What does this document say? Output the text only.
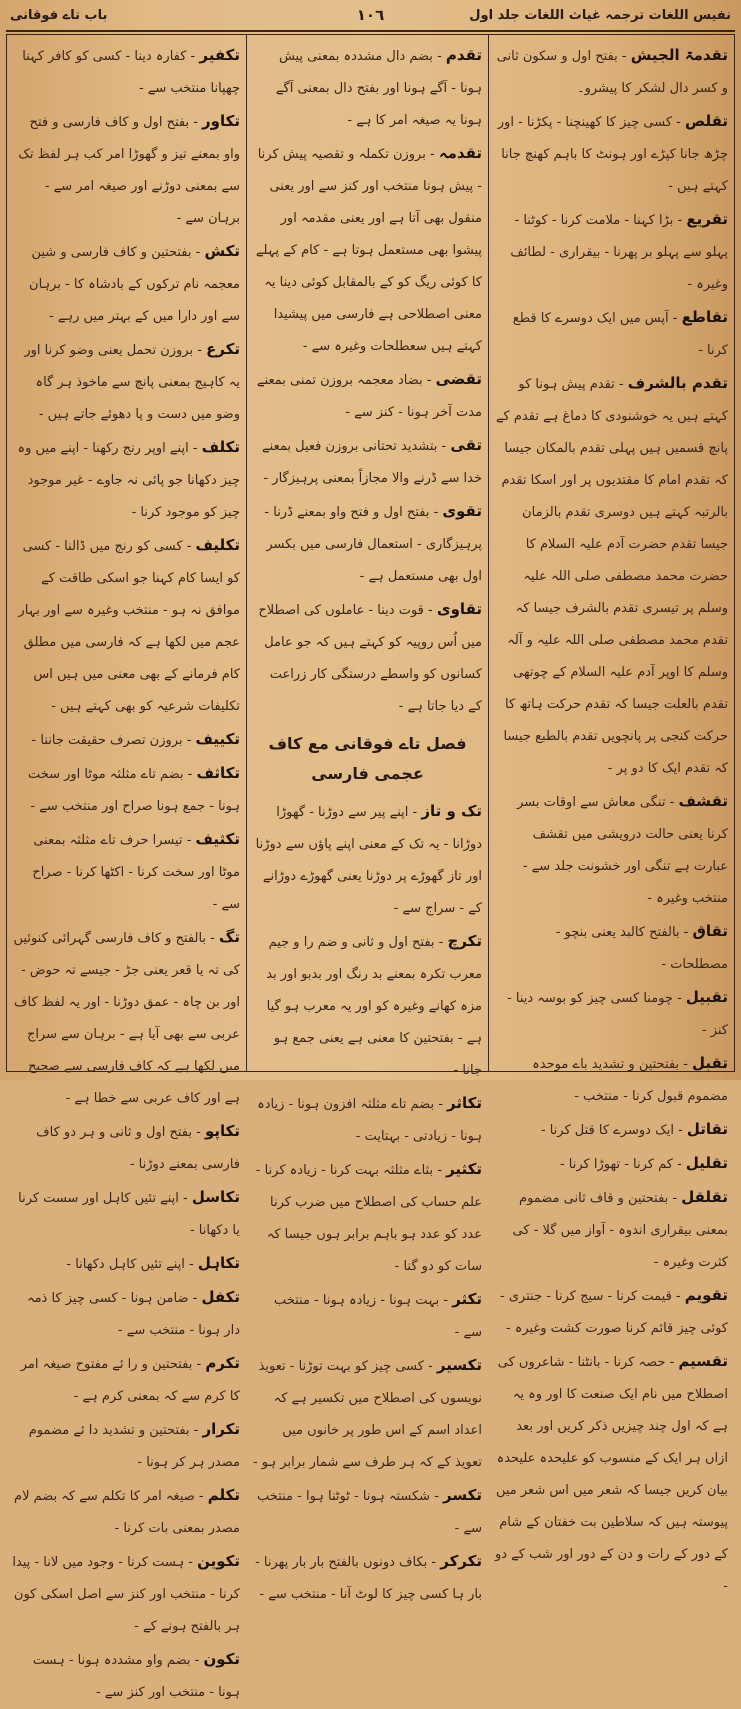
نفیس اللغات ترجمہ غیاث اللغات جلد اول
١٠٦
باب تاے فوقانی

تقدمۃ الجیش - بفتح اول و سکون ثانی و کسر دال لشکر کا پیشرو۔

تقلص - کسی چیز کا کھینچنا - پکڑنا - اور چڑھ جانا کپڑے اور ہونٹ کا باہم کھنچ جانا کہتے ہیں -

تقریع - بڑا کہنا - ملامت کرنا - کوٹنا - پہلو سے پہلو بر پھرنا - بیقراری - لطائف وغیرہ -

تقاطع - آپس میں ایک دوسرے کا قطع کرنا -

تقدم بالشرف - تقدم پیش ہونا کو کہتے ہیں یہ خوشنودی کا دماغ ہے تقدم کے پانچ قسمیں ہیں پہلی تقدم بالمکان جیسا کہ تقدم امام کا مقتدیوں پر اور اسکا تقدم بالرتبہ کہتے ہیں دوسری تقدم بالزمان جیسا تقدم حضرت آدم علیہ السلام کا حضرت محمد مصطفی صلی اللہ علیہ وسلم پر تیسری تقدم بالشرف جیسا کہ تقدم محمد مصطفی صلی اللہ علیہ و آلہ وسلم کا اوپر آدم علیہ السلام کے چوتھی تقدم بالعلت جیسا کہ تقدم حرکت ہاتھ کا حرکت کنجی پر پانچویں تقدم بالطبع جیسا کہ تقدم ایک کا دو پر -

تقشف - تنگی معاش سے اوقات بسر کرنا یعنی حالت درویشی میں تقشف عبارت ہے تنگی اور خشونت جلد سے - منتخب وغیرہ -

تقاق - بالفتح کالبد یعنی بنچو - مصطلحات -

تقبیل - چومنا کسی چیز کو بوسہ دینا - کنز -

تقبل - بفتحتین و تشدید باے موحدہ مضموم قبول کرنا - منتخب -

تقاتل - ایک دوسرے کا قتل کرنا -

تقلیل - کم کرنا - تھوڑا کرنا -

تقلقل - بفتحتین و قاف ثانی مضموم بمعنی بیقراری اندوہ - آواز میں گلا - کی کثرت وغیرہ -

تقویم - قیمت کرنا - سیج کرنا - جنتری - کوئی چیز قائم کرنا صورت کشت وغیرہ -

تقسیم - حصہ کرنا - بانٹنا - شاعروں کی اصطلاح میں نام ایک صنعت کا اور وہ یہ ہے کہ اول چند چیزیں ذکر کریں اور بعد ازاں ہر ایک کے منسوب کو علیحدہ علیحدہ بیان کریں جیسا کہ شعر میں اس شعر میں پیوستہ ہیں کہ سلاطین بت خفتان کے شام کے دور کے رات و دن کے دور اور شب کے دو -

تقدم - بضم دال مشددہ بمعنی پیش ہونا - آگے ہونا اور بفتح دال بمعنی آگے ہونا یہ صیغہ امر کا ہے -

تقدمہ - بروزن تکملہ و تقصیہ پیش کرنا - پیش ہونا منتخب اور کنز سے اور یعنی منقول بھی آتا ہے اور یعنی مقدمہ اور پیشوا بھی مستعمل ہوتا ہے - کام کے پہلے کا کوئی ریگ کو کے بالمقابل کوئی دینا یہ معنی اصطلاحی ہے فارسی میں پیشیدا کہتے ہیں سعطلحات وغیرہ سے -

تقضی - بضاد معجمہ بروزن تمنی بمعنے مدت آخر ہونا - کنز سے -

تقی - بتشدید تحتانی بروزن فعیل بمعنے خدا سے ڈرنے والا مجازاً بمعنی پرہیزگار -

تقوی - بفتح اول و فتح واو بمعنے ڈرنا - پرہیزگاری - استعمال فارسی میں بکسر اول بھی مستعمل ہے -

تقاوی - قوت دینا - عاملوں کی اصطلاح میں اُس روپیہ کو کہتے ہیں کہ جو عامل کسانوں کو واسطے درستگی کار زراعت کے دیا جاتا ہے -

فصل تاے فوقانی مع کاف عجمی فارسی

تک و تاز - اپنے پیر سے دوڑنا - گھوڑا دوڑانا - یہ تک کے معنی اپنے پاؤں سے دوڑنا اور تاز گھوڑے پر دوڑنا یعنی گھوڑے دوڑانے کے - سراج سے -

تکرچ - بفتح اول و ثانی و ضم را و جیم معرب تکرہ بمعنے بد رنگ اور بدبو اور بد مزہ کھانے وغیرہ کو اور یہ معرب ہو گیا ہے - بفتحتین کا معنی ہے یعنی جمع ہو جانا -

تکاثر - بضم تاے مثلثہ افزون ہونا - زیادہ ہونا - زیادتی - بہتایت -

تکثیر - بثاے مثلثہ بہت کرنا - زیادہ کرنا - علم حساب کی اصطلاح میں ضرب کرنا عدد کو عدد ہو باہم برابر ہوں جیسا کہ سات کو دو گنا -

تکثر - بہت ہونا - زیادہ ہونا - منتخب سے -

تکسیر - کسی چیز کو بہت توڑنا - تعویذ نویسوں کی اصطلاح میں تکسیر ہے کہ اعداد اسم کے اس طور پر خانوں میں تعویذ کے کہ ہر طرف سے شمار برابر ہو -

تکسر - شکستہ ہونا - ٹوٹنا ہوا - منتخب سے -

تکرکر - بکاف دونوں بالفتح بار بار پھرنا - بار ہا کسی چیز کا لوٹ آنا - منتخب سے -

تکفیر - کفارہ دینا - کسی کو کافر کہنا چھپانا منتخب سے -

تکاور - بفتح اول و کاف فارسی و فتح واو بمعنے تیز و گھوڑا امر کب ہر لفظ تک سے بمعنی دوڑنے اور صیغہ امر سے - برہان سے -

تکش - بفتحتین و کاف فارسی و شین معجمہ نام ترکوں کے بادشاہ کا - برہان سے اور دارا میں کے بہتر میں رہے -

تکرع - بروزن تحمل یعنی وضو کرنا اور یہ کاہیج بمعنی پانچ سے ماخوذ ہر گاہ وضو میں دست و پا دھوئے جاتے ہیں -

تکلف - اپنے اوپر رنج رکھنا - اپنے میں وہ چیز دکھانا جو پائی نہ جاوے - غیر موجود چیز کو موجود کرنا -

تکلیف - کسی کو رنج میں ڈالنا - کسی کو ایسا کام کہنا جو اسکی طاقت کے موافق نہ ہو - منتخب وغیرہ سے اور بہار عجم میں لکھا ہے کہ فارسی میں مطلق کام فرمانے کے بھی معنی میں ہیں اس تکلیفات شرعیہ کو بھی کہتے ہیں -

تکییف - بروزن تصرف حقیقت جاننا -

تکاثف - بضم تاے مثلثہ موٹا اور سخت ہونا - جمع ہونا صراح اور منتخب سے -

تکثیف - تیسرا حرف تاے مثلثہ بمعنی موٹا اور سخت کرنا - اکٹھا کرنا - صراح سے -

تگ - بالفتح و کاف فارسی گہرائی کنوئیں کی تہ یا قعر یعنی جڑ - جیسے تہ حوض - اور بن چاہ - عمق دوڑنا - اور یہ لفظ کاف عربی سے بھی آیا ہے - برہان سے سراج میں لکھا ہے کہ کاف فارسی سے صحیح ہے اور کاف عربی سے خطا ہے -

تکاپو - بفتح اول و ثانی و ہر دو کاف فارسی بمعنے دوڑنا -

تکاسل - اپنے تئیں کاہل اور سست کرنا یا دکھانا -

تکاہل - اپنے تئیں کاہل دکھانا -

تکفل - ضامن ہونا - کسی چیز کا ذمہ دار ہونا - منتخب سے -

تکرم - بفتحتین و را ئے مفتوح صیغہ امر کا کرم سے کہ بمعنی کرم ہے -

تکرار - بفتحتین و تشدید دا ئے مضموم مصدر ہر کر ہونا -

تکلم - صیغہ امر کا تکلم سے کہ بضم لام مصدر بمعنی بات کرنا -

تکوین - ہست کرنا - وجود میں لانا - پیدا کرنا - منتخب اور کنز سے اصل اسکی کون ہر بالفتح ہونے کے -

تکون - بضم واو مشددہ ہونا - ہست ہونا - منتخب اور کنز سے -
